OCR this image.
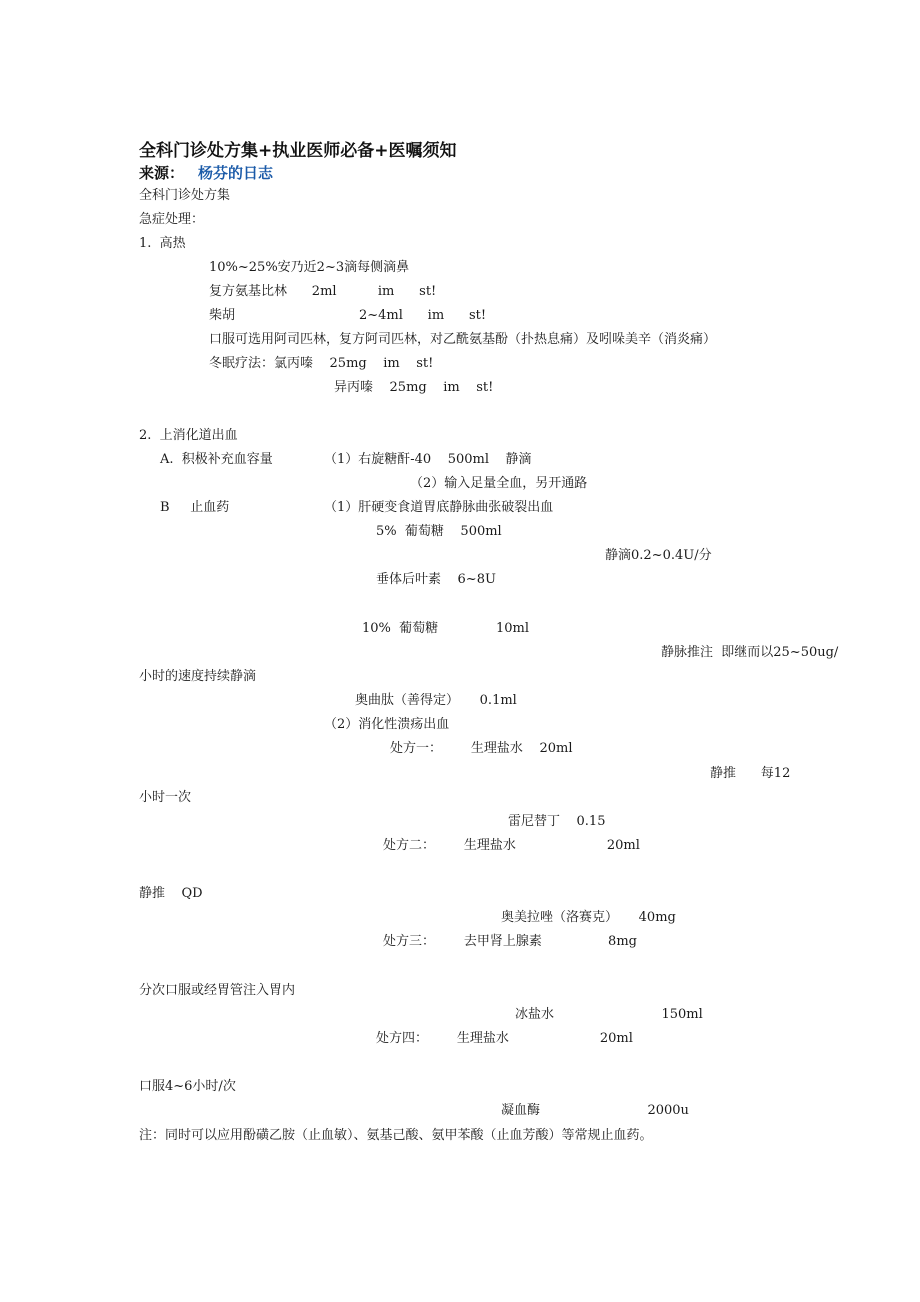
全科门诊处方集+执业医师必备+医嘱须知
来源： 杨芬的日志
全科门诊处方集
急症处理：
1.  高热
10%~25%安乃近2~3滴每侧滴鼻
复方氨基比林      2ml          im      st!
柴胡                              2~4ml      im      st!
口服可选用阿司匹林，复方阿司匹林，对乙酰氨基酚（扑热息痛）及吲哚美辛（消炎痛）
冬眠疗法：氯丙嗪    25mg    im    st!
异丙嗪    25mg    im    st!
2.  上消化道出血
A.  积极补充血容量	（1）右旋糖酐-40    500ml    静滴
（2）输入足量全血，另开通路
B     止血药	（1）肝硬变食道胃底静脉曲张破裂出血
5%  葡萄糖    500ml
静滴0.2~0.4U/分
垂体后叶素    6~8U
10%  葡萄糖              10ml
静脉推注  即继而以25~50ug/
小时的速度持续静滴
奥曲肽（善得定）     0.1ml
（2）消化性溃疡出血
处方一：       生理盐水    20ml
静推      每12
小时一次
雷尼替丁    0.15
处方二：       生理盐水                      20ml
静推    QD
奥美拉唑（洛赛克）     40mg
处方三：       去甲肾上腺素                8mg
分次口服或经胃管注入胃内
冰盐水                          150ml
处方四：       生理盐水                      20ml
口服4~6小时/次
凝血酶                          2000u
注：同时可以应用酚磺乙胺（止血敏）、氨基己酸、氨甲苯酸（止血芳酸）等常规止血药。
